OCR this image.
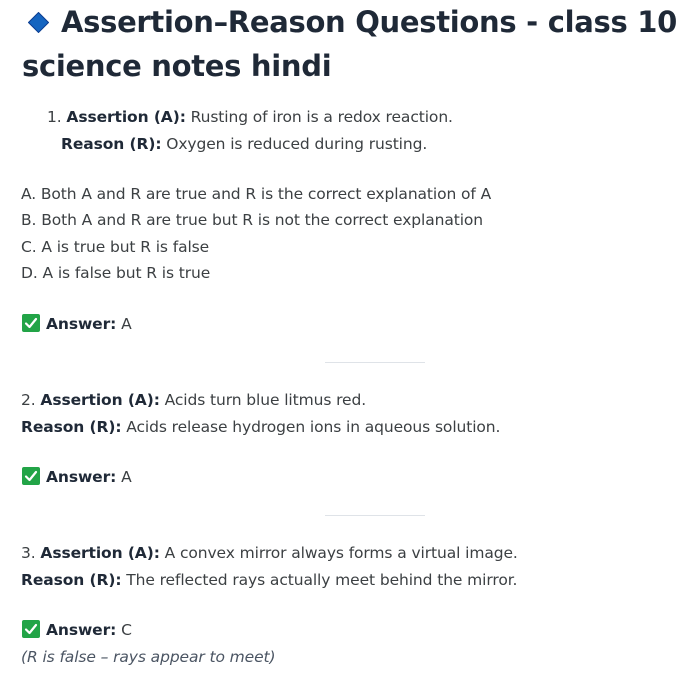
Assertion–Reason Questions - class 10 science notes hindi
1. Assertion (A): Rusting of iron is a redox reaction.
Reason (R): Oxygen is reduced during rusting.
A. Both A and R are true and R is the correct explanation of A
B. Both A and R are true but R is not the correct explanation
C. A is true but R is false
D. A is false but R is true
Answer: A
2. Assertion (A): Acids turn blue litmus red.
Reason (R): Acids release hydrogen ions in aqueous solution.
Answer: A
3. Assertion (A): A convex mirror always forms a virtual image.
Reason (R): The reflected rays actually meet behind the mirror.
Answer: C
(R is false – rays appear to meet)
